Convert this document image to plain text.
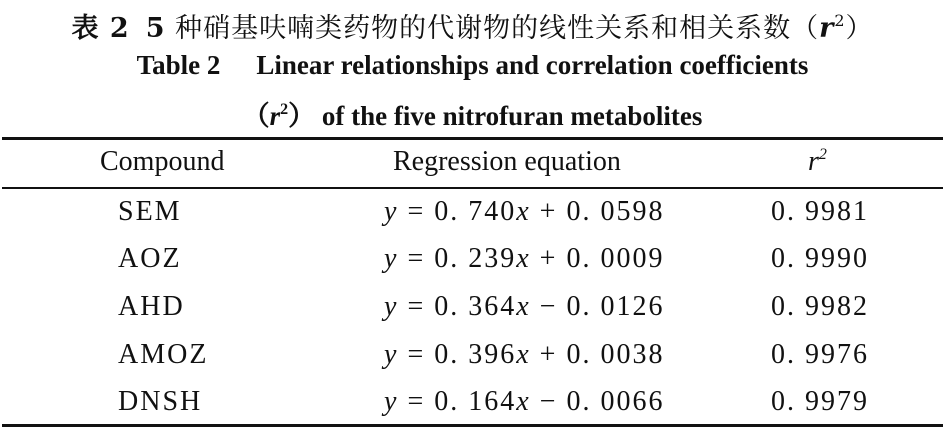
表 2 5 种硝基呋喃类药物的代谢物的线性关系和相关系数$(r^2)$
Table 2 Linear relationships and correlation coefficients
$(r^2)$ of the five nitrofuran metabolites
Compound	Regression equation	$r^2$
SEM	y = 0. 740x + 0. 0598	0. 9981
AOZ	y = 0. 239x + 0. 0009	0. 9990
AHD	y = 0. 364x − 0. 0126	0. 9982
AMOZ	y = 0. 396x + 0. 0038	0. 9976
DNSH	y = 0. 164x − 0. 0066	0. 9979
